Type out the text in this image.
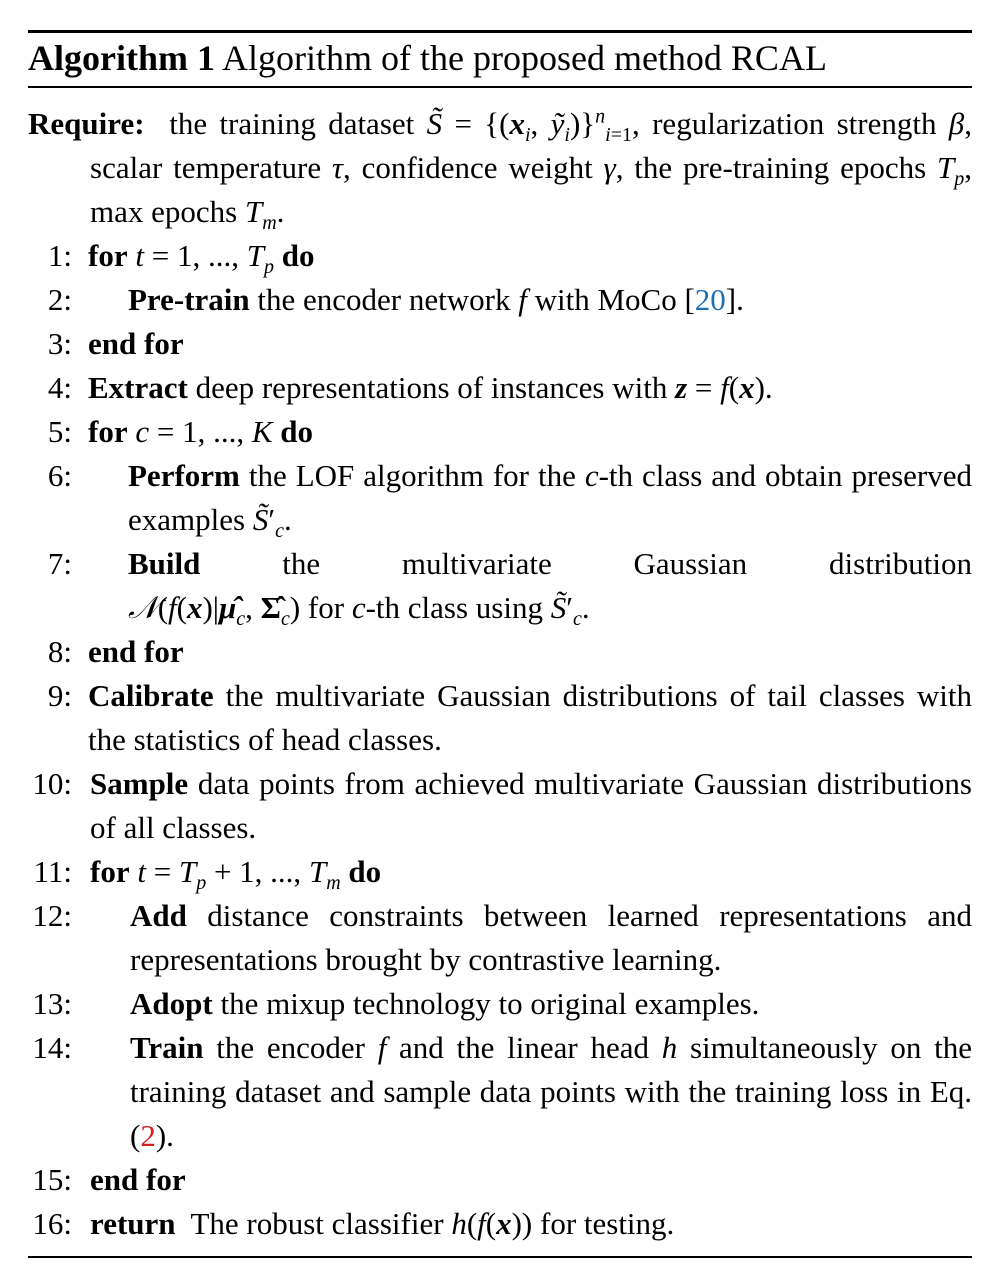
Algorithm 1 Algorithm of the proposed method RCAL

Require:  the training dataset S̃ = {($x_i$, ỹ$_i$)}$^n_{i=1}$, regularization strength β, scalar temperature τ, confidence weight γ, the pre-training epochs $T_p$, max epochs $T_m$.

1: for t = 1, ..., $T_p$ do

2: Pre-train the encoder network f with MoCo [20].

3: end for

4: Extract deep representations of instances with z = f(x).

5: for c = 1, ..., K do

6: Perform the LOF algorithm for the c-th class and obtain preserved examples $S̃'_c$.

7: Build	the	multivariate	Gaussian	distribution
$𝒩(f(x)|\mû_c$, $\Sigmâ_c$) for c-th class using $S̃'_c$.

8: end for

9: Calibrate the multivariate Gaussian distributions of tail classes with the statistics of head classes.

10: Sample data points from achieved multivariate Gaussian distributions of all classes.

11: for $t = T_p + 1$, ..., $T_m$ do

12: Add distance constraints between learned representations and representations brought by contrastive learning.

13: Adopt the mixup technology to original examples.

14: Train the encoder f and the linear head h simultaneously on the training dataset and sample data points with the training loss in Eq. (2).

15: end for

16: return  The robust classifier h(f(x)) for testing.
